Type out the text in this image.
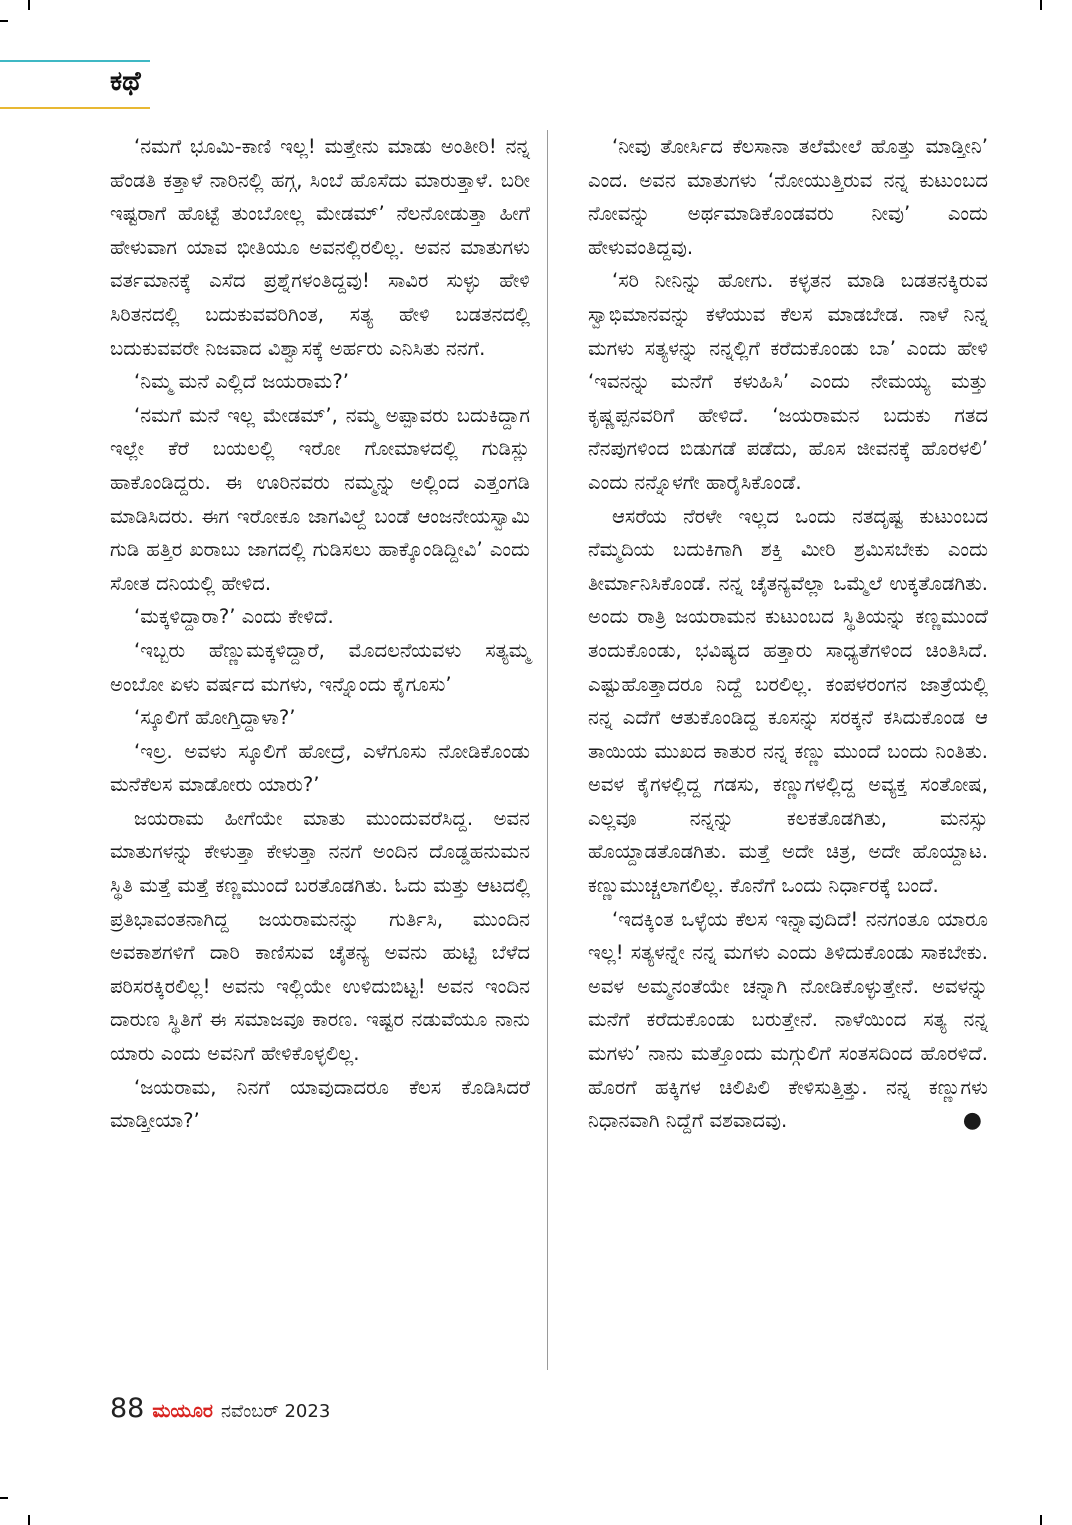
ಕಥೆ

‘ನಮಗೆ ಭೂಮಿ-ಕಾಣಿ ಇಲ್ಲ! ಮತ್ತೇನು ಮಾಡು ಅಂತೀರಿ! ನನ್ನ ಹೆಂಡತಿ ಕತ್ತಾಳೆ ನಾರಿನಲ್ಲಿ ಹಗ್ಗ, ಸಿಂಬೆ ಹೊಸೆದು ಮಾರುತ್ತಾಳೆ. ಬರೀ ಇಷ್ಟರಾಗೆ ಹೊಟ್ಟೆ ತುಂಬೋಲ್ಲ ಮೇಡಮ್’ ನೆಲನೋಡುತ್ತಾ ಹೀಗೆ ಹೇಳುವಾಗ ಯಾವ ಭೀತಿಯೂ ಅವನಲ್ಲಿರಲಿಲ್ಲ. ಅವನ ಮಾತುಗಳು ವರ್ತಮಾನಕ್ಕೆ ಎಸೆದ ಪ್ರಶ್ನೆಗಳಂತಿದ್ದವು! ಸಾವಿರ ಸುಳ್ಳು ಹೇಳಿ ಸಿರಿತನದಲ್ಲಿ ಬದುಕುವವರಿಗಿಂತ, ಸತ್ಯ ಹೇಳಿ ಬಡತನದಲ್ಲಿ ಬದುಕುವವರೇ ನಿಜವಾದ ವಿಶ್ವಾಸಕ್ಕೆ ಅರ್ಹರು ಎನಿಸಿತು ನನಗೆ.

‘ನಿಮ್ಮ ಮನೆ ಎಲ್ಲಿದೆ ಜಯರಾಮ?’

‘ನಮಗೆ ಮನೆ ಇಲ್ಲ ಮೇಡಮ್’, ನಮ್ಮ ಅಪ್ಪಾವರು ಬದುಕಿದ್ದಾಗ ಇಲ್ಲೇ ಕೆರೆ ಬಯಲಲ್ಲಿ ಇರೋ ಗೋಮಾಳದಲ್ಲಿ ಗುಡಿಸ್ಲು ಹಾಕೊಂಡಿದ್ದರು. ಈ ಊರಿನವರು ನಮ್ಮನ್ನು ಅಲ್ಲಿಂದ ಎತ್ತಂಗಡಿ ಮಾಡಿಸಿದರು. ಈಗ ಇರೋಕೂ ಜಾಗವಿಲ್ದೆ ಬಂಡೆ ಆಂಜನೇಯಸ್ವಾಮಿ ಗುಡಿ ಹತ್ತಿರ ಖರಾಬು ಜಾಗದಲ್ಲಿ ಗುಡಿಸಲು ಹಾಕ್ಕೊಂಡಿದ್ದೀವಿ’ ಎಂದು ಸೋತ ದನಿಯಲ್ಲಿ ಹೇಳಿದ.

‘ಮಕ್ಕಳಿದ್ದಾರಾ?’ ಎಂದು ಕೇಳಿದೆ.

‘ಇಬ್ಬರು ಹೆಣ್ಣುಮಕ್ಕಳಿದ್ದಾರೆ, ಮೊದಲನೆಯವಳು ಸತ್ಯಮ್ಮ ಅಂಬೋ ಏಳು ವರ್ಷದ ಮಗಳು, ಇನ್ನೊಂದು ಕೈಗೂಸು’

‘ಸ್ಕೂಲಿಗೆ ಹೋಗ್ತಿದ್ದಾಳಾ?’

‘ಇಲ್ರ. ಅವಳು ಸ್ಕೂಲಿಗೆ ಹೋದ್ರೆ, ಎಳೆಗೂಸು ನೋಡಿಕೊಂಡು ಮನೆಕೆಲಸ ಮಾಡೋರು ಯಾರು?’

ಜಯರಾಮ ಹೀಗೆಯೇ ಮಾತು ಮುಂದುವರೆಸಿದ್ದ. ಅವನ ಮಾತುಗಳನ್ನು ಕೇಳುತ್ತಾ ಕೇಳುತ್ತಾ ನನಗೆ ಅಂದಿನ ದೊಡ್ಡಹನುಮನ ಸ್ಥಿತಿ ಮತ್ತೆ ಮತ್ತೆ ಕಣ್ಣಮುಂದೆ ಬರತೊಡಗಿತು. ಓದು ಮತ್ತು ಆಟದಲ್ಲಿ ಪ್ರತಿಭಾವಂತನಾಗಿದ್ದ ಜಯರಾಮನನ್ನು ಗುರ್ತಿಸಿ, ಮುಂದಿನ ಅವಕಾಶಗಳಿಗೆ ದಾರಿ ಕಾಣಿಸುವ ಚೈತನ್ಯ ಅವನು ಹುಟ್ಟಿ ಬೆಳೆದ ಪರಿಸರಕ್ಕಿರಲಿಲ್ಲ! ಅವನು ಇಲ್ಲಿಯೇ ಉಳಿದುಬಿಟ್ಟ! ಅವನ ಇಂದಿನ ದಾರುಣ ಸ್ಥಿತಿಗೆ ಈ ಸಮಾಜವೂ ಕಾರಣ. ಇಷ್ಟರ ನಡುವೆಯೂ ನಾನು ಯಾರು ಎಂದು ಅವನಿಗೆ ಹೇಳಿಕೊಳ್ಳಲಿಲ್ಲ.

‘ಜಯರಾಮ, ನಿನಗೆ ಯಾವುದಾದರೂ ಕೆಲಸ ಕೊಡಿಸಿದರೆ ಮಾಡ್ತೀಯಾ?’

‘ನೀವು ತೋರ್ಸಿದ ಕೆಲಸಾನಾ ತಲೆಮೇಲೆ ಹೊತ್ತು ಮಾಡ್ತೀನಿ’ ಎಂದ. ಅವನ ಮಾತುಗಳು ‘ನೋಯುತ್ತಿರುವ ನನ್ನ ಕುಟುಂಬದ ನೋವನ್ನು ಅರ್ಥಮಾಡಿಕೊಂಡವರು ನೀವು’ ಎಂದು ಹೇಳುವಂತಿದ್ದವು.

‘ಸರಿ ನೀನಿನ್ನು ಹೋಗು. ಕಳ್ಳತನ ಮಾಡಿ ಬಡತನಕ್ಕಿರುವ ಸ್ವಾಭಿಮಾನವನ್ನು ಕಳೆಯುವ ಕೆಲಸ ಮಾಡಬೇಡ. ನಾಳೆ ನಿನ್ನ ಮಗಳು ಸತ್ಯಳನ್ನು ನನ್ನಲ್ಲಿಗೆ ಕರೆದುಕೊಂಡು ಬಾ’ ಎಂದು ಹೇಳಿ ‘ಇವನನ್ನು ಮನೆಗೆ ಕಳುಹಿಸಿ’ ಎಂದು ನೇಮಯ್ಯ ಮತ್ತು ಕೃಷ್ಣಪ್ಪನವರಿಗೆ ಹೇಳಿದೆ. ‘ಜಯರಾಮನ ಬದುಕು ಗತದ ನೆನಪುಗಳಿಂದ ಬಿಡುಗಡೆ ಪಡೆದು, ಹೊಸ ಜೀವನಕ್ಕೆ ಹೊರಳಲಿ’ ಎಂದು ನನ್ನೊಳಗೇ ಹಾರೈಸಿಕೊಂಡೆ.

ಆಸರೆಯ ನೆರಳೇ ಇಲ್ಲದ ಒಂದು ನತದೃಷ್ಟ ಕುಟುಂಬದ ನೆಮ್ಮದಿಯ ಬದುಕಿಗಾಗಿ ಶಕ್ತಿ ಮೀರಿ ಶ್ರಮಿಸಬೇಕು ಎಂದು ತೀರ್ಮಾನಿಸಿಕೊಂಡೆ. ನನ್ನ ಚೈತನ್ಯವೆಲ್ಲಾ ಒಮ್ಮೆಲೆ ಉಕ್ಕತೊಡಗಿತು. ಅಂದು ರಾತ್ರಿ ಜಯರಾಮನ ಕುಟುಂಬದ ಸ್ಥಿತಿಯನ್ನು ಕಣ್ಣಮುಂದೆ ತಂದುಕೊಂಡು, ಭವಿಷ್ಯದ ಹತ್ತಾರು ಸಾಧ್ಯತೆಗಳಿಂದ ಚಿಂತಿಸಿದೆ. ಎಷ್ಟುಹೊತ್ತಾದರೂ ನಿದ್ದೆ ಬರಲಿಲ್ಲ. ಕಂಪಳರಂಗನ ಜಾತ್ರೆಯಲ್ಲಿ ನನ್ನ ಎದೆಗೆ ಆತುಕೊಂಡಿದ್ದ ಕೂಸನ್ನು ಸರಕ್ಕನೆ ಕಸಿದುಕೊಂಡ ಆ ತಾಯಿಯ ಮುಖದ ಕಾತುರ ನನ್ನ ಕಣ್ಣು ಮುಂದೆ ಬಂದು ನಿಂತಿತು. ಅವಳ ಕೈಗಳಲ್ಲಿದ್ದ ಗಡಸು, ಕಣ್ಣುಗಳಲ್ಲಿದ್ದ ಅವ್ಯಕ್ತ ಸಂತೋಷ, ಎಲ್ಲವೂ ನನ್ನನ್ನು ಕಲಕತೊಡಗಿತು, ಮನಸ್ಸು ಹೊಯ್ದಾಡತೊಡಗಿತು. ಮತ್ತೆ ಅದೇ ಚಿತ್ರ, ಅದೇ ಹೊಯ್ದಾಟ. ಕಣ್ಣುಮುಚ್ಚಲಾಗಲಿಲ್ಲ. ಕೊನೆಗೆ ಒಂದು ನಿರ್ಧಾರಕ್ಕೆ ಬಂದೆ.

‘ಇದಕ್ಕಿಂತ ಒಳ್ಳೆಯ ಕೆಲಸ ಇನ್ನಾವುದಿದೆ! ನನಗಂತೂ ಯಾರೂ ಇಲ್ಲ! ಸತ್ಯಳನ್ನೇ ನನ್ನ ಮಗಳು ಎಂದು ತಿಳಿದುಕೊಂಡು ಸಾಕಬೇಕು. ಅವಳ ಅಮ್ಮನಂತೆಯೇ ಚನ್ನಾಗಿ ನೋಡಿಕೊಳ್ಳುತ್ತೇನೆ. ಅವಳನ್ನು ಮನೆಗೆ ಕರೆದುಕೊಂಡು ಬರುತ್ತೇನೆ. ನಾಳೆಯಿಂದ ಸತ್ಯ ನನ್ನ ಮಗಳು’ ನಾನು ಮತ್ತೊಂದು ಮಗ್ಗುಲಿಗೆ ಸಂತಸದಿಂದ ಹೊರಳಿದೆ. ಹೊರಗೆ ಹಕ್ಕಿಗಳ ಚಿಲಿಪಿಲಿ ಕೇಳಿಸುತ್ತಿತ್ತು. ನನ್ನ ಕಣ್ಣುಗಳು ನಿಧಾನವಾಗಿ ನಿದ್ದೆಗೆ ವಶವಾದವು.	●

88 ಮಯೂರ ನವೆಂಬರ್ 2023
